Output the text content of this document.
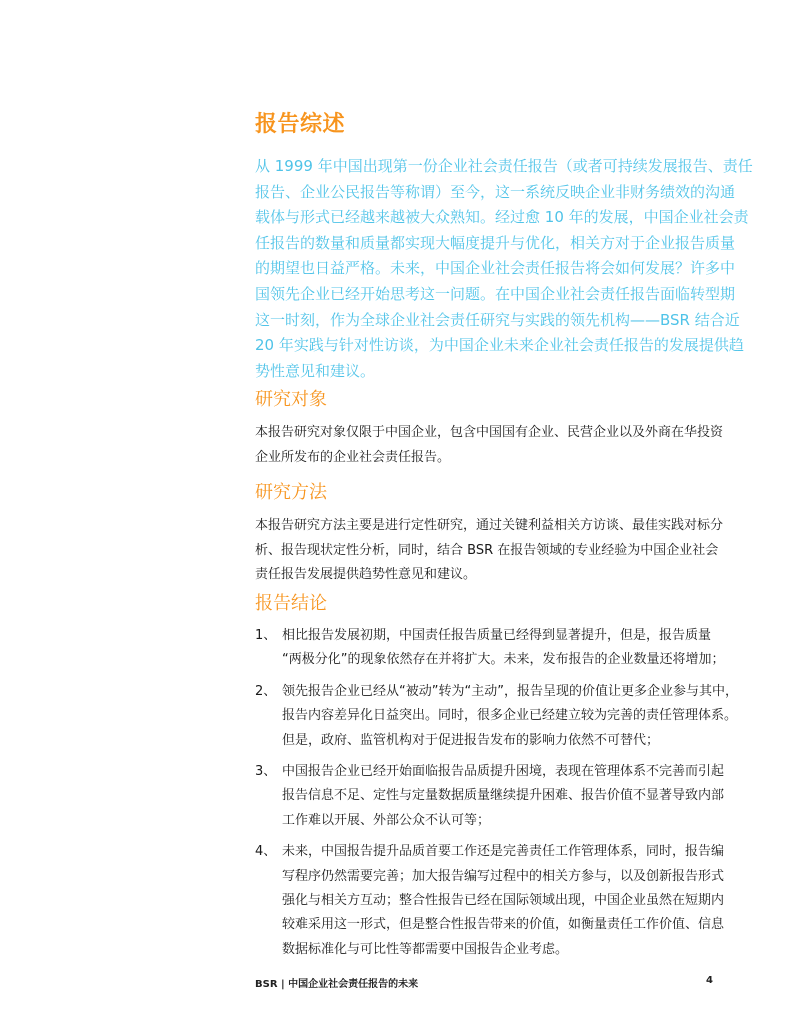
报告综述
从 1999 年中国出现第一份企业社会责任报告（或者可持续发展报告、责任
报告、企业公民报告等称谓）至今，这一系统反映企业非财务绩效的沟通
载体与形式已经越来越被大众熟知。经过愈 10 年的发展，中国企业社会责
任报告的数量和质量都实现大幅度提升与优化，相关方对于企业报告质量
的期望也日益严格。未来，中国企业社会责任报告将会如何发展？许多中
国领先企业已经开始思考这一问题。在中国企业社会责任报告面临转型期
这一时刻，作为全球企业社会责任研究与实践的领先机构——BSR 结合近
20 年实践与针对性访谈，为中国企业未来企业社会责任报告的发展提供趋
势性意见和建议。
研究对象
本报告研究对象仅限于中国企业，包含中国国有企业、民营企业以及外商在华投资
企业所发布的企业社会责任报告。
研究方法
本报告研究方法主要是进行定性研究，通过关键利益相关方访谈、最佳实践对标分
析、报告现状定性分析，同时，结合 BSR 在报告领域的专业经验为中国企业社会
责任报告发展提供趋势性意见和建议。
报告结论
1、 相比报告发展初期，中国责任报告质量已经得到显著提升，但是，报告质量
“两极分化”的现象依然存在并将扩大。未来，发布报告的企业数量还将增加；
2、 领先报告企业已经从“被动”转为“主动”，报告呈现的价值让更多企业参与其中，
报告内容差异化日益突出。同时，很多企业已经建立较为完善的责任管理体系。
但是，政府、监管机构对于促进报告发布的影响力依然不可替代；
3、 中国报告企业已经开始面临报告品质提升困境，表现在管理体系不完善而引起
报告信息不足、定性与定量数据质量继续提升困难、报告价值不显著导致内部
工作难以开展、外部公众不认可等；
4、 未来，中国报告提升品质首要工作还是完善责任工作管理体系，同时，报告编
写程序仍然需要完善；加大报告编写过程中的相关方参与，以及创新报告形式
强化与相关方互动；整合性报告已经在国际领域出现，中国企业虽然在短期内
较难采用这一形式，但是整合性报告带来的价值，如衡量责任工作价值、信息
数据标准化与可比性等都需要中国报告企业考虑。
BSR | 中国企业社会责任报告的未来	4
